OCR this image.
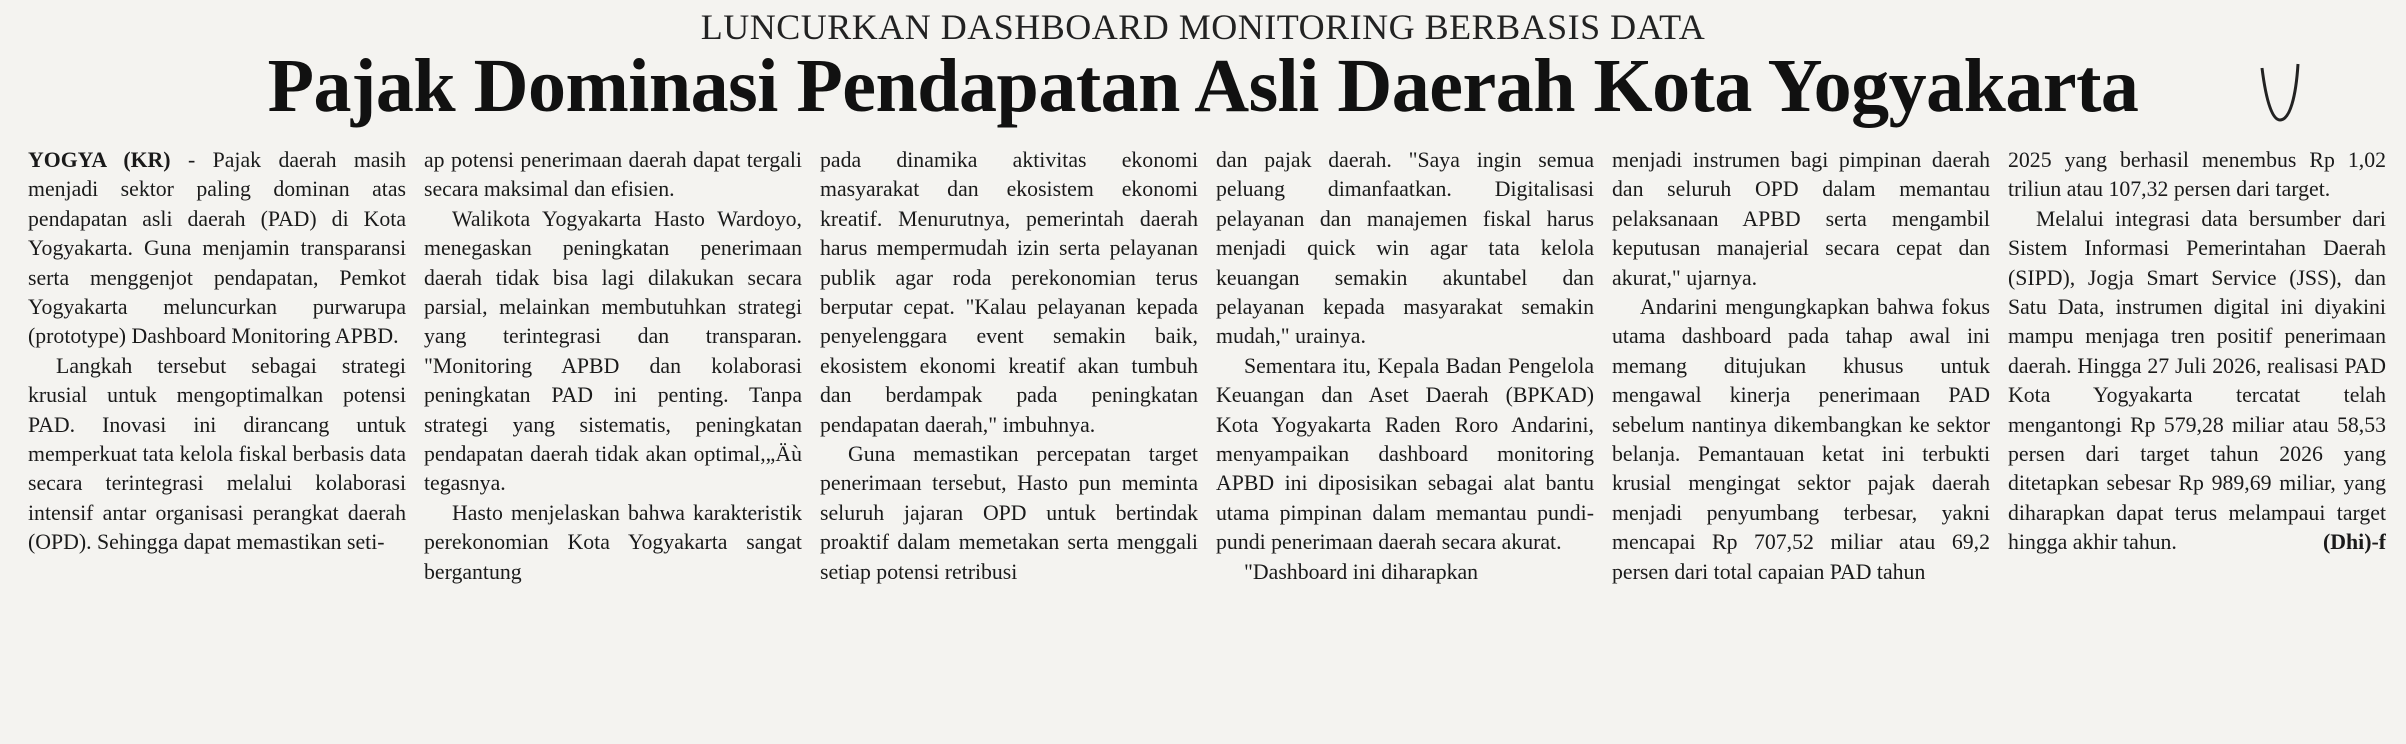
LUNCURKAN DASHBOARD MONITORING BERBASIS DATA
Pajak Dominasi Pendapatan Asli Daerah Kota Yogyakarta

YOGYA (KR) - Pajak daerah masih menjadi sektor paling dominan atas pendapatan asli daerah (PAD) di Kota Yogyakarta. Guna menjamin transparansi serta menggenjot pendapatan, Pemkot Yogyakarta meluncurkan purwarupa (prototype) Dashboard Monitoring APBD.

Langkah tersebut sebagai strategi krusial untuk mengoptimalkan potensi PAD. Inovasi ini dirancang untuk memperkuat tata kelola fiskal berbasis data secara terintegrasi melalui kolaborasi intensif antar organisasi perangkat daerah (OPD). Sehingga dapat memastikan seti-

ap potensi penerimaan daerah dapat tergali secara maksimal dan efisien.

Walikota Yogyakarta Hasto Wardoyo, menegaskan peningkatan penerimaan daerah tidak bisa lagi dilakukan secara parsial, melainkan membutuhkan strategi yang terintegrasi dan transparan. "Monitoring APBD dan kolaborasi peningkatan PAD ini penting. Tanpa strategi yang sistematis, peningkatan pendapatan daerah tidak akan optimal,„Äù tegasnya.

Hasto menjelaskan bahwa karakteristik perekonomian Kota Yogyakarta sangat bergantung

pada dinamika aktivitas ekonomi masyarakat dan ekosistem ekonomi kreatif. Menurutnya, pemerintah daerah harus mempermudah izin serta pelayanan publik agar roda perekonomian terus berputar cepat. "Kalau pelayanan kepada penyelenggara event semakin baik, ekosistem ekonomi kreatif akan tumbuh dan berdampak pada peningkatan pendapatan daerah," imbuhnya.

Guna memastikan percepatan target penerimaan tersebut, Hasto pun meminta seluruh jajaran OPD untuk bertindak proaktif dalam memetakan serta menggali setiap potensi retribusi

dan pajak daerah. "Saya ingin semua peluang dimanfaatkan. Digitalisasi pelayanan dan manajemen fiskal harus menjadi quick win agar tata kelola keuangan semakin akuntabel dan pelayanan kepada masyarakat semakin mudah," urainya.

Sementara itu, Kepala Badan Pengelola Keuangan dan Aset Daerah (BPKAD) Kota Yogyakarta Raden Roro Andarini, menyampaikan dashboard monitoring APBD ini diposisikan sebagai alat bantu utama pimpinan dalam memantau pundi-pundi penerimaan daerah secara akurat.

"Dashboard ini diharapkan

menjadi instrumen bagi pimpinan daerah dan seluruh OPD dalam memantau pelaksanaan APBD serta mengambil keputusan manajerial secara cepat dan akurat," ujarnya.

Andarini mengungkapkan bahwa fokus utama dashboard pada tahap awal ini memang ditujukan khusus untuk mengawal kinerja penerimaan PAD sebelum nantinya dikembangkan ke sektor belanja. Pemantauan ketat ini terbukti krusial mengingat sektor pajak daerah menjadi penyumbang terbesar, yakni mencapai Rp 707,52 miliar atau 69,2 persen dari total capaian PAD tahun

2025 yang berhasil menembus Rp 1,02 triliun atau 107,32 persen dari target.

Melalui integrasi data bersumber dari Sistem Informasi Pemerintahan Daerah (SIPD), Jogja Smart Service (JSS), dan Satu Data, instrumen digital ini diyakini mampu menjaga tren positif penerimaan daerah. Hingga 27 Juli 2026, realisasi PAD Kota Yogyakarta tercatat telah mengantongi Rp 579,28 miliar atau 58,53 persen dari target tahun 2026 yang ditetapkan sebesar Rp 989,69 miliar, yang diharapkan dapat terus melampaui target hingga akhir tahun.	(Dhi)-f
